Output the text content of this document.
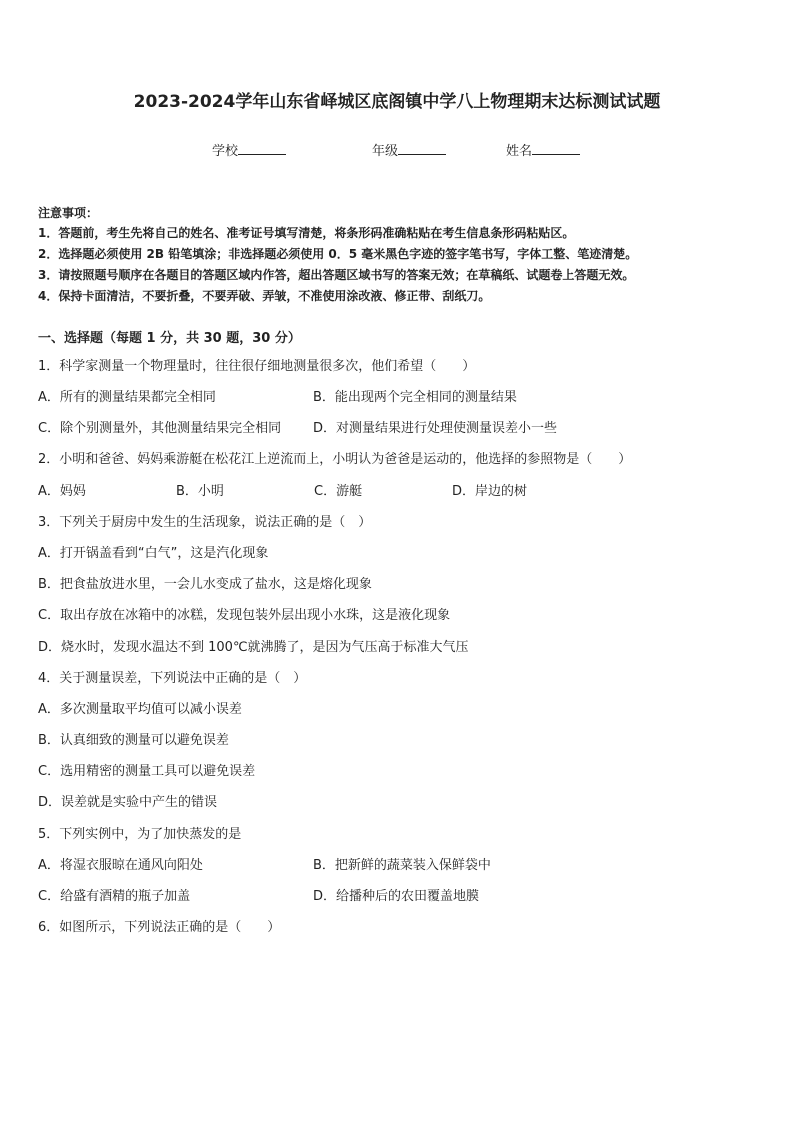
2023-2024学年山东省峄城区底阁镇中学八上物理期末达标测试试题
学校	年级	姓名
注意事项：
1．答题前，考生先将自己的姓名、准考证号填写清楚，将条形码准确粘贴在考生信息条形码粘贴区。
2．选择题必须使用 2B 铅笔填涂；非选择题必须使用 0．5 毫米黑色字迹的签字笔书写，字体工整、笔迹清楚。
3．请按照题号顺序在各题目的答题区域内作答，超出答题区域书写的答案无效；在草稿纸、试题卷上答题无效。
4．保持卡面清洁，不要折叠，不要弄破、弄皱，不准使用涂改液、修正带、刮纸刀。
一、选择题（每题 1 分，共 30 题，30 分）
1．科学家测量一个物理量时，往往很仔细地测量很多次，他们希望（　　）
A．所有的测量结果都完全相同	B．能出现两个完全相同的测量结果
C．除个别测量外，其他测量结果完全相同 D．对测量结果进行处理使测量误差小一些
2．小明和爸爸、妈妈乘游艇在松花江上逆流而上，小明认为爸爸是运动的，他选择的参照物是（　　）
A．妈妈	B．小明	C．游艇	D．岸边的树
3．下列关于厨房中发生的生活现象，说法正确的是（　）
A．打开锅盖看到“白气”，这是汽化现象
B．把食盐放进水里，一会儿水变成了盐水，这是熔化现象
C．取出存放在冰箱中的冰糕，发现包装外层出现小水珠，这是液化现象
D．烧水时，发现水温达不到 100℃就沸腾了，是因为气压高于标准大气压
4．关于测量误差，下列说法中正确的是（　）
A．多次测量取平均值可以减小误差
B．认真细致的测量可以避免误差
C．选用精密的测量工具可以避免误差
D．误差就是实验中产生的错误
5．下列实例中，为了加快蒸发的是
A．将湿衣服晾在通风向阳处	B．把新鲜的蔬菜装入保鲜袋中
C．给盛有酒精的瓶子加盖	D．给播种后的农田覆盖地膜
6．如图所示，下列说法正确的是（　　）
